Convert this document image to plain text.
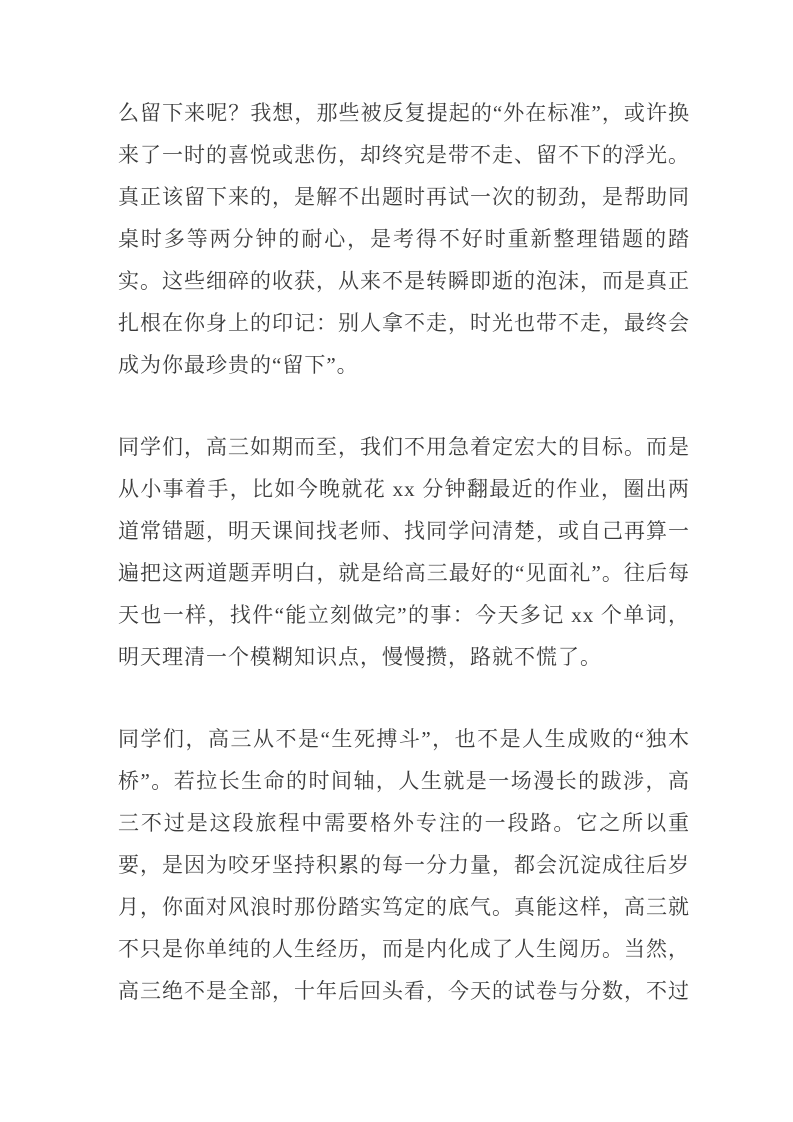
么留下来呢？我想，那些被反复提起的“外在标准”，或许换来了一时的喜悦或悲伤，却终究是带不走、留不下的浮光。真正该留下来的，是解不出题时再试一次的韧劲，是帮助同桌时多等两分钟的耐心，是考得不好时重新整理错题的踏实。这些细碎的收获，从来不是转瞬即逝的泡沫，而是真正扎根在你身上的印记：别人拿不走，时光也带不走，最终会成为你最珍贵的“留下”。

同学们，高三如期而至，我们不用急着定宏大的目标。而是从小事着手，比如今晚就花 xx 分钟翻最近的作业，圈出两道常错题，明天课间找老师、找同学问清楚，或自己再算一遍把这两道题弄明白，就是给高三最好的“见面礼”。往后每天也一样，找件“能立刻做完”的事：今天多记 xx 个单词，明天理清一个模糊知识点，慢慢攒，路就不慌了。

同学们，高三从不是“生死搏斗”，也不是人生成败的“独木桥”。若拉长生命的时间轴，人生就是一场漫长的跋涉，高三不过是这段旅程中需要格外专注的一段路。它之所以重要，是因为咬牙坚持积累的每一分力量，都会沉淀成往后岁月，你面对风浪时那份踏实笃定的底气。真能这样，高三就不只是你单纯的人生经历，而是内化成了人生阅历。当然，高三绝不是全部，十年后回头看，今天的试卷与分数，不过
